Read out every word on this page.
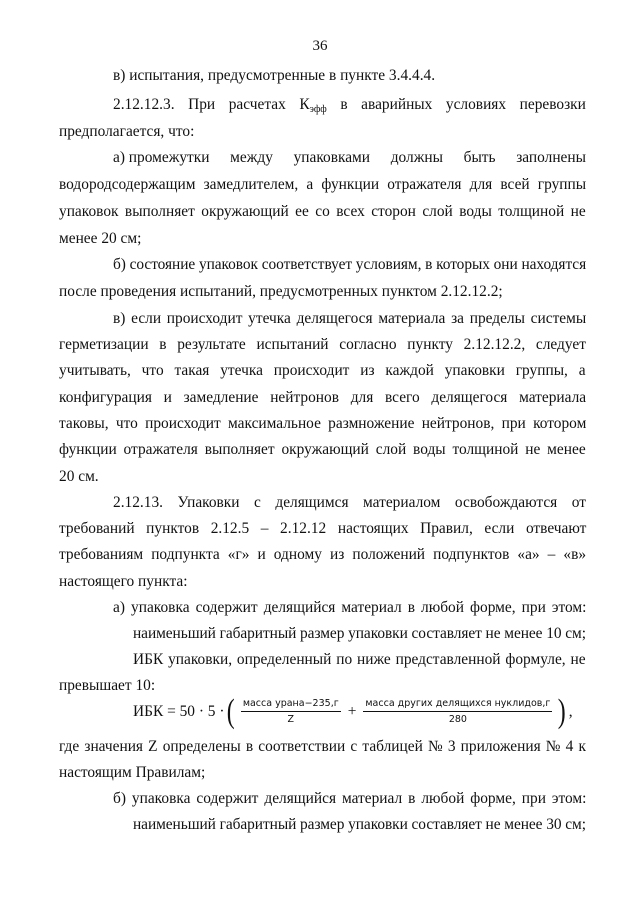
36
в) испытания, предусмотренные в пункте 3.4.4.4.
2.12.12.3. При расчетах $К_{эфф}$ в аварийных условиях перевозки
предполагается, что:
а) промежутки между упаковками должны быть заполнены
водородсодержащим замедлителем, а функции отражателя для всей группы
упаковок выполняет окружающий ее со всех сторон слой воды толщиной не
менее 20 см;
б) состояние упаковок соответствует условиям, в которых они находятся
после проведения испытаний, предусмотренных пунктом 2.12.12.2;
в) если происходит утечка делящегося материала за пределы системы
герметизации в результате испытаний согласно пункту 2.12.12.2, следует
учитывать, что такая утечка происходит из каждой упаковки группы, а
конфигурация и замедление нейтронов для всего делящегося материала
таковы, что происходит максимальное размножение нейтронов, при котором
функции отражателя выполняет окружающий слой воды толщиной не менее
20 см.
2.12.13. Упаковки с делящимся материалом освобождаются от
требований пунктов 2.12.5 – 2.12.12 настоящих Правил, если отвечают
требованиям подпункта «г» и одному из положений подпунктов «а» – «в»
настоящего пункта:
а) упаковка содержит делящийся материал в любой форме, при этом:
наименьший габаритный размер упаковки составляет не менее 10 см;
ИБК упаковки, определенный по ниже представленной формуле, не
превышает 10:
ИБК = 50 · 5 · ( $\frac{\text{масса урана−235,г}}{Z} + \frac{\text{масса других делящихся нуклидов,г}}{280}$ ) ,
где значения Z определены в соответствии с таблицей № 3 приложения № 4 к
настоящим Правилам;
б) упаковка содержит делящийся материал в любой форме, при этом:
наименьший габаритный размер упаковки составляет не менее 30 см;
